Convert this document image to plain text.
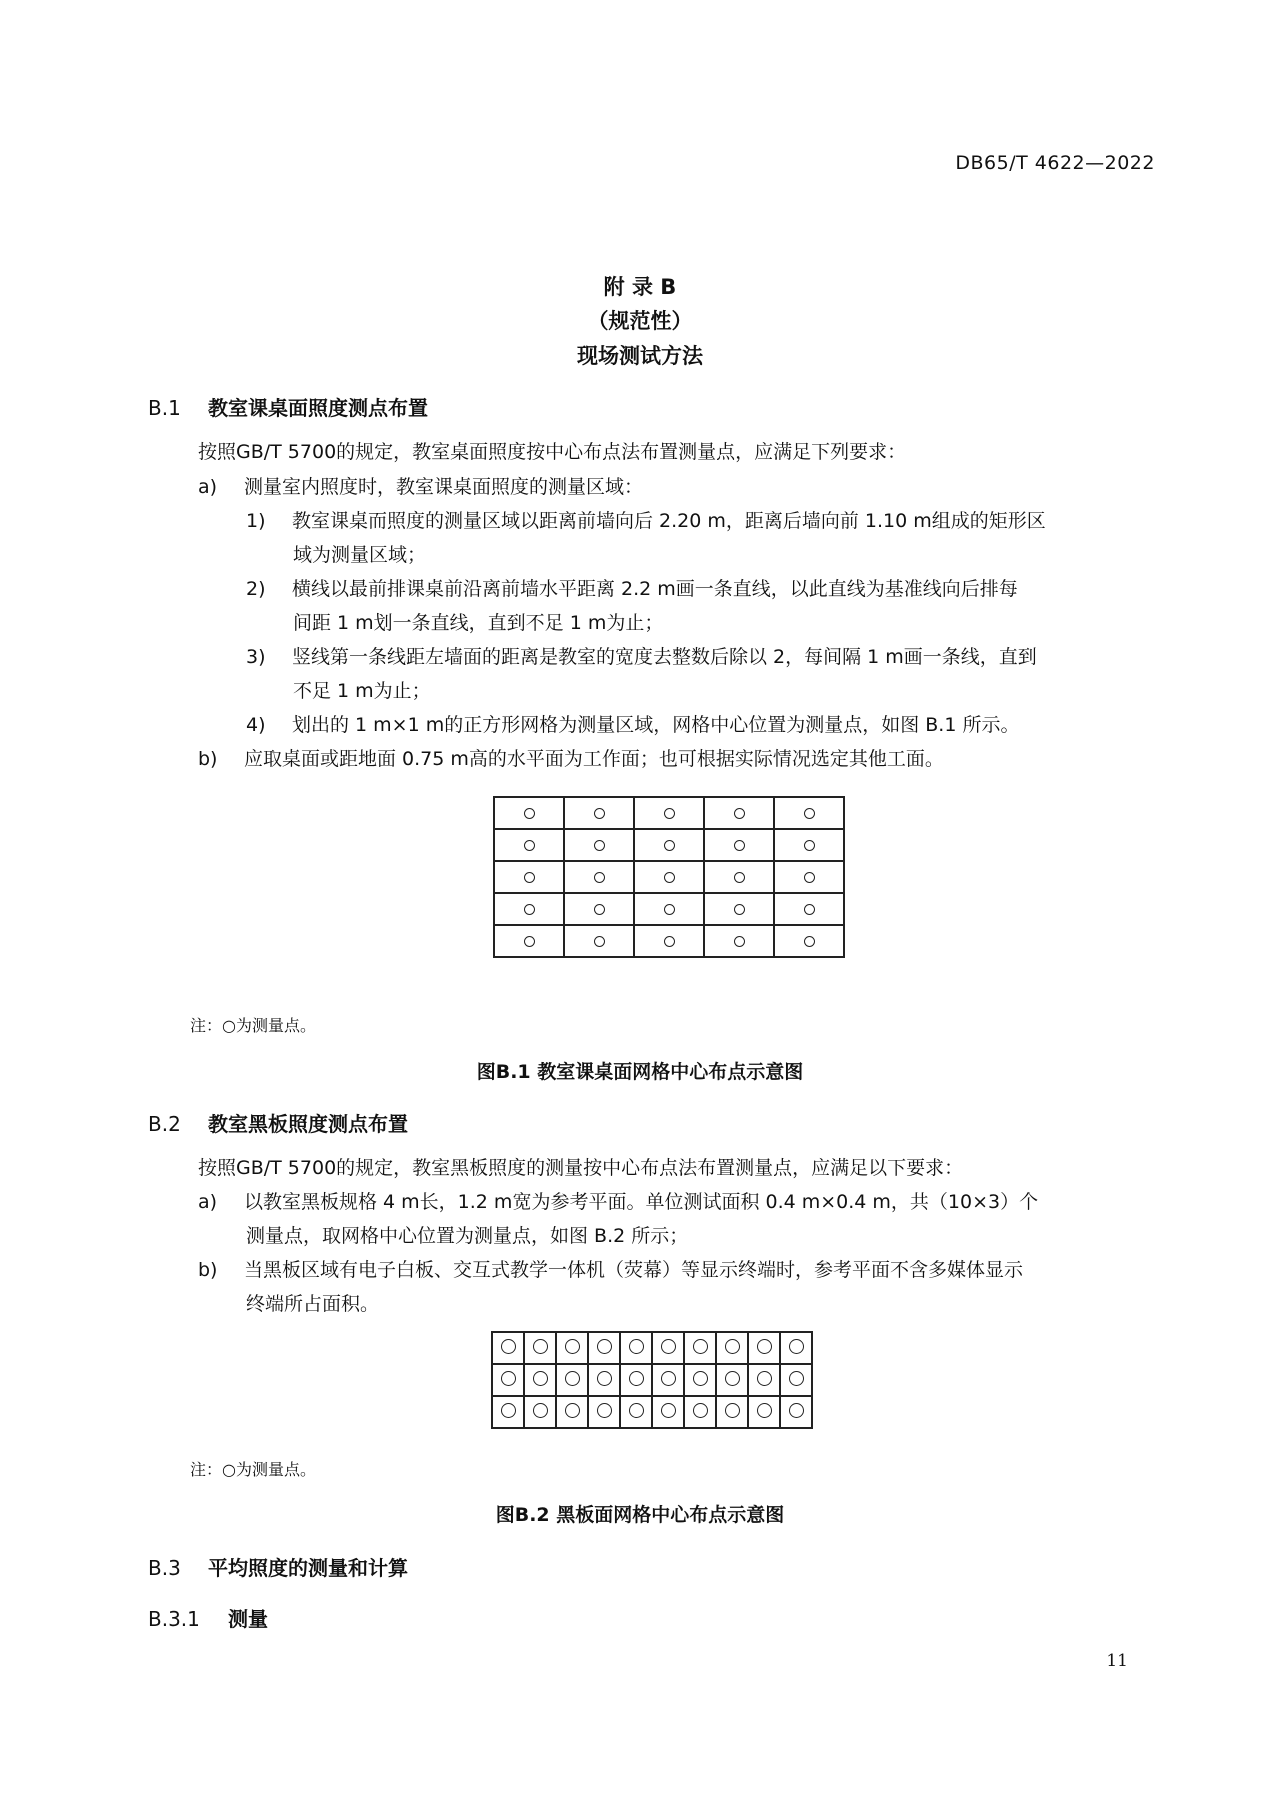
DB65/T 4622—2022
附 录 B
（规范性）
现场测试方法
B.1 教室课桌面照度测点布置
按照GB/T 5700的规定，教室桌面照度按中心布点法布置测量点，应满足下列要求：
a) 测量室内照度时，教室课桌面照度的测量区域：
1) 教室课桌而照度的测量区域以距离前墙向后 2.20 m，距离后墙向前 1.10 m组成的矩形区
域为测量区域；
2) 横线以最前排课桌前沿离前墙水平距离 2.2 m画一条直线，以此直线为基准线向后排每
间距 1 m划一条直线，直到不足 1 m为止；
3) 竖线第一条线距左墙面的距离是教室的宽度去整数后除以 2，每间隔 1 m画一条线，直到
不足 1 m为止；
4) 划出的 1 m×1 m的正方形网格为测量区域，网格中心位置为测量点，如图 B.1 所示。
b) 应取桌面或距地面 0.75 m高的水平面为工作面；也可根据实际情况选定其他工面。

注：○为测量点。
图B.1 教室课桌面网格中心布点示意图
B.2 教室黑板照度测点布置
按照GB/T 5700的规定，教室黑板照度的测量按中心布点法布置测量点，应满足以下要求：
a) 以教室黑板规格 4 m长，1.2 m宽为参考平面。单位测试面积 0.4 m×0.4 m，共（10×3）个
测量点，取网格中心位置为测量点，如图 B.2 所示；
b) 当黑板区域有电子白板、交互式教学一体机（荧幕）等显示终端时，参考平面不含多媒体显示
终端所占面积。

注：○为测量点。
图B.2 黑板面网格中心布点示意图
B.3 平均照度的测量和计算
B.3.1 测量
11
